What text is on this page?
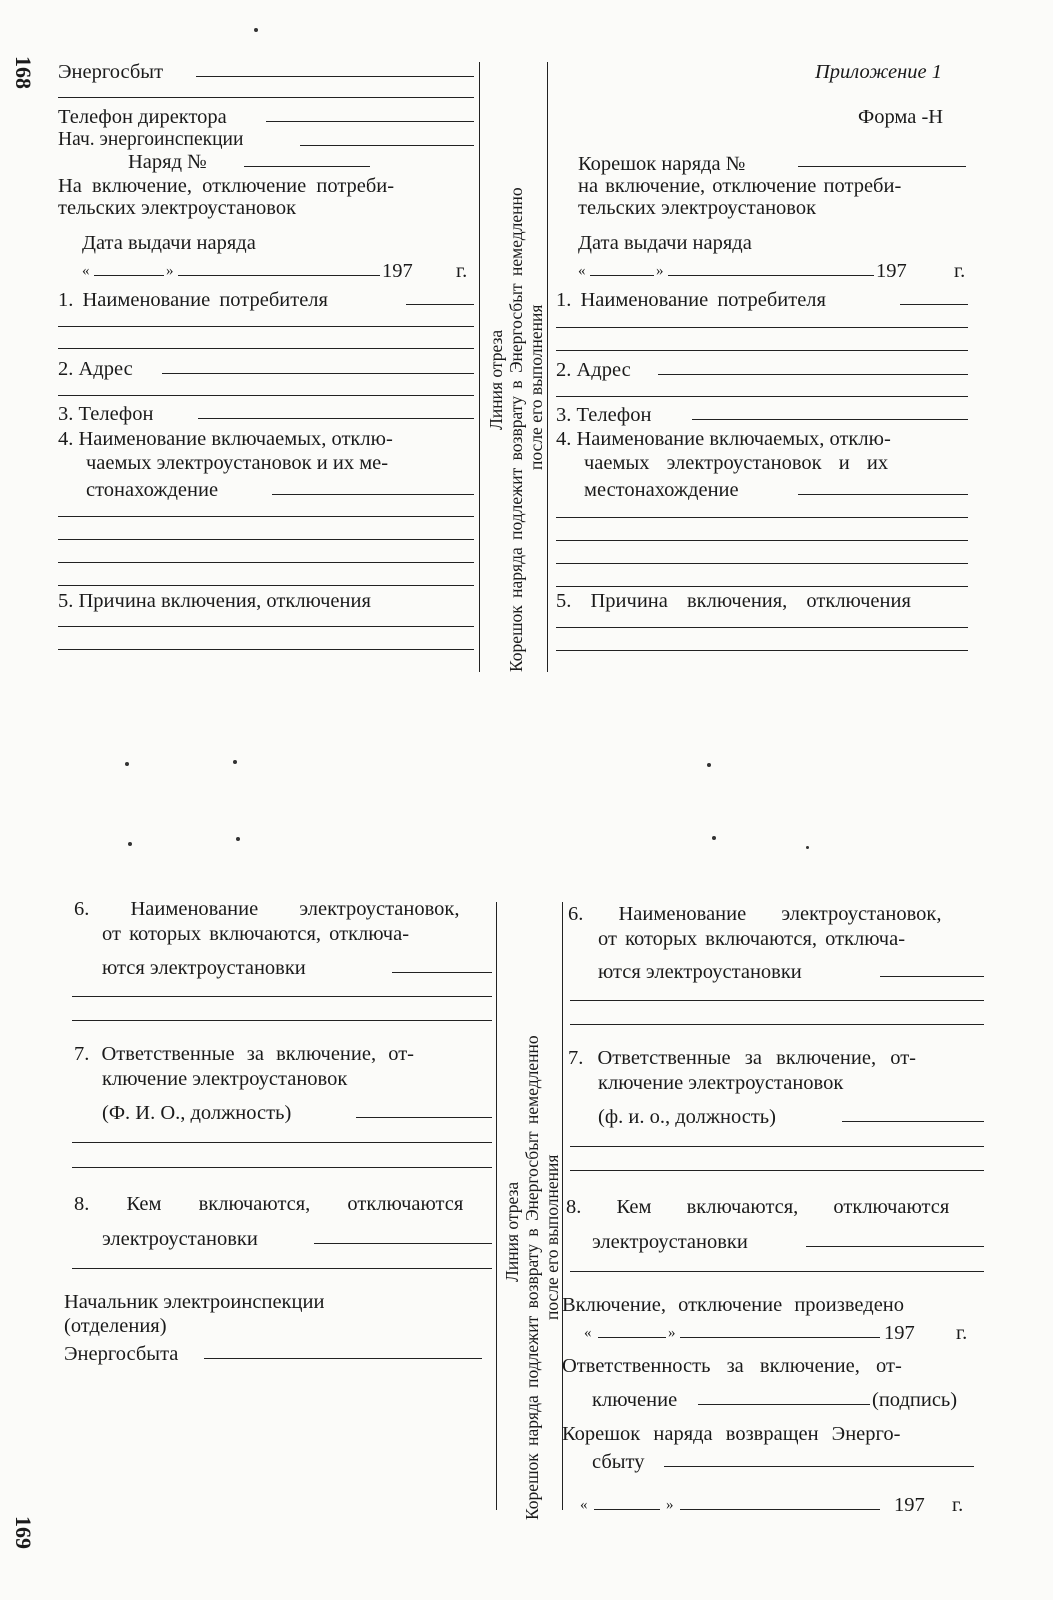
168
169
Энергосбыт
Телефон директора
Нач. энергоинспекции
Наряд №
На включение, отключение потреби-
тельских электроустановок
Дата выдачи наряда
«	»	197 г.
1. Наименование потребителя
2. Адрес
3. Телефон
4. Наименование включаемых, отклю-
чаемых электроустановок и их ме-
стонахождение
5. Причина включения, отключения
Линия отреза Корешок наряда подлежит возврату в Энергосбыт немедленно после его выполнения
Приложение 1
Форма -Н
Корешок наряда №
на включение, отключение потреби-
тельских электроустановок
Дата выдачи наряда
«	»	197 г.
1. Наименование потребителя
2. Адрес
3. Телефон
4. Наименование включаемых, отклю-
чаемых электроустановок и их
местонахождение
5. Причина включения, отключения
6. Наименование электроустановок,
от которых включаются, отключа-
ются электроустановки
7. Ответственные за включение, от-
ключение электроустановок
(Ф. И. О., должность)
8. Кем включаются, отключаются
электроустановки
Начальник электроинспекции
(отделения)
Энергосбыта
Линия отреза Корешок наряда подлежит возврату в Энергосбыт немедленно после его выполнения
6. Наименование электроустановок,
от которых включаются, отключа-
ются электроустановки
7. Ответственные за включение, от-
ключение электроустановок
(ф. и. о., должность)
8. Кем включаются, отключаются
электроустановки
Включение, отключение произведено
«	»	197 г.
Ответственность за включение, от-
ключение	(подпись)
Корешок наряда возвращен Энерго-
сбыту
«	»	197 г.
